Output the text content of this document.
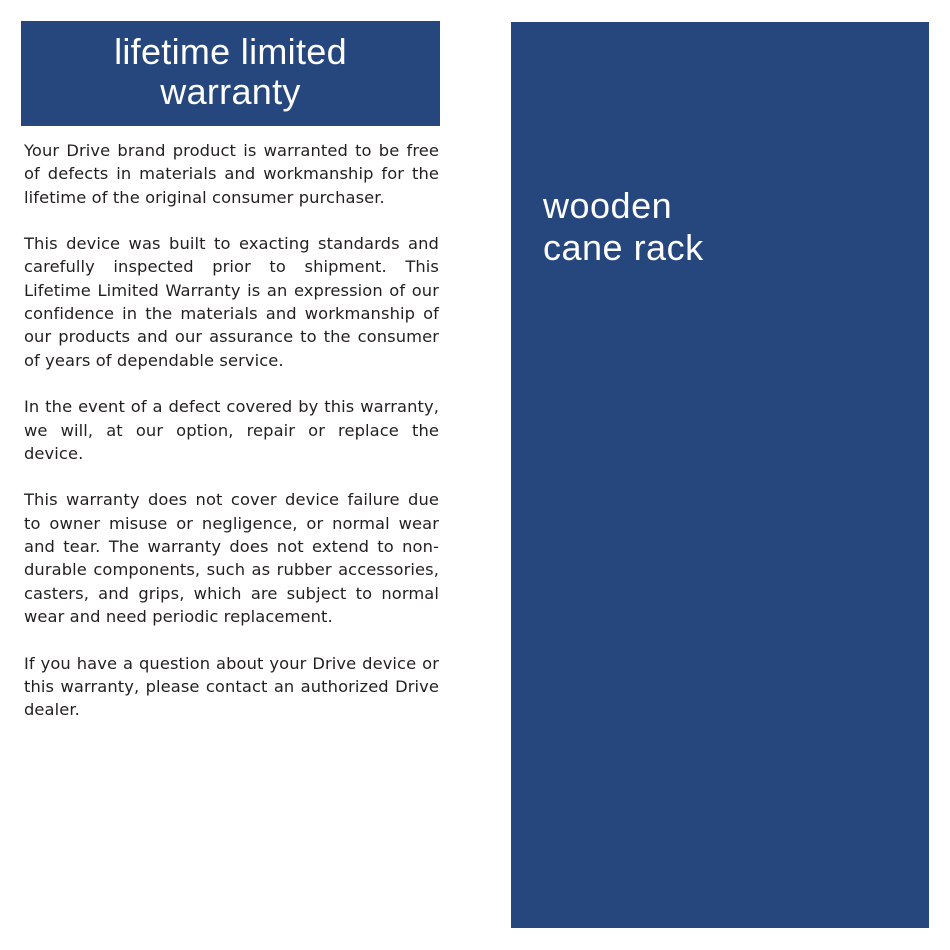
lifetime limited
warranty

Your Drive brand product is warranted to be free of defects in materials and workmanship for the lifetime of the original consumer purchaser.

This device was built to exacting standards and carefully inspected prior to shipment. This Lifetime Limited Warranty is an expression of our confidence in the materials and workmanship of our products and our assurance to the consumer of years of dependable service.

In the event of a defect covered by this warranty, we will, at our option, repair or replace the device.

This warranty does not cover device failure due to owner misuse or negligence, or normal wear and tear. The warranty does not extend to non-durable components, such as rubber accessories, casters, and grips, which are subject to normal wear and need periodic replacement.

If you have a question about your Drive device or this warranty, please contact an authorized Drive dealer.

wooden
cane rack
